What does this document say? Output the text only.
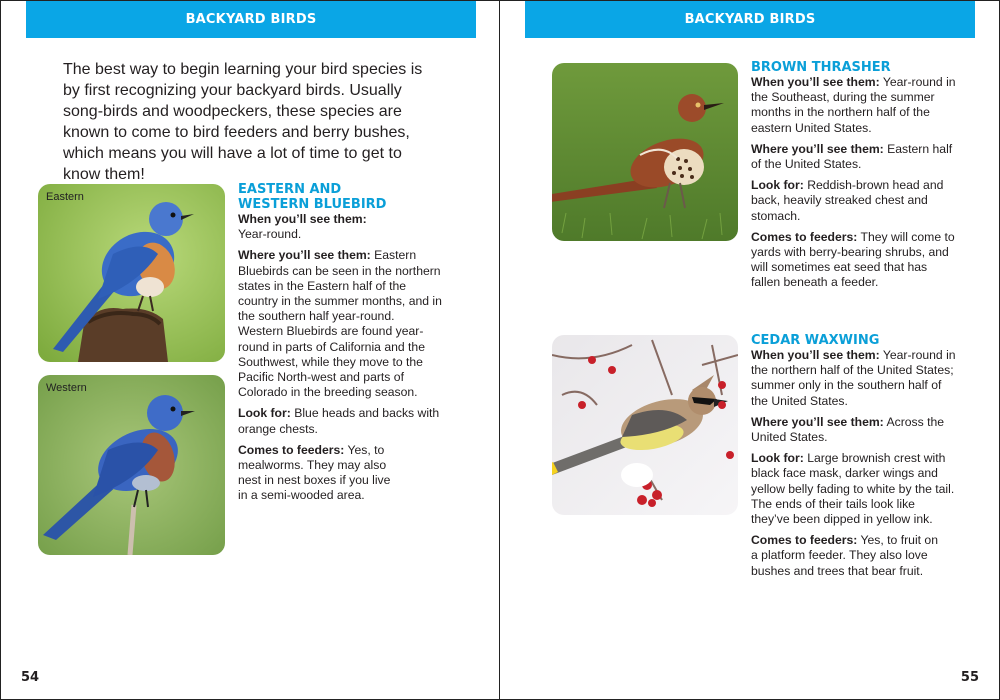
BACKYARD BIRDS
The best way to begin learning your bird species is by first recognizing your backyard birds. Usually song-birds and woodpeckers, these species are known to come to bird feeders and berry bushes, which means you will have a lot of time to get to know them!
Eastern
Western
EASTERN AND
WESTERN BLUEBIRD

When you’ll see them:
Year-round.

Where you’ll see them: Eastern Bluebirds can be seen in the northern states in the Eastern half of the country in the summer months, and in the southern half year-round. Western Bluebirds are found year-round in parts of California and the Southwest, while they move to the Pacific North-west and parts of Colorado in the breeding season.

Look for: Blue heads and backs with orange chests.

Comes to feeders: Yes, to mealworms. They may also nest in nest boxes if you live in a semi-wooded area.

54
BACKYARD BIRDS
BROWN THRASHER

When you’ll see them: Year-round in the Southeast, during the summer months in the northern half of the eastern United States.

Where you’ll see them: Eastern half of the United States.

Look for: Reddish-brown head and back, heavily streaked chest and stomach.

Comes to feeders: They will come to yards with berry-bearing shrubs, and will sometimes eat seed that has fallen beneath a feeder.

CEDAR WAXWING

When you’ll see them: Year-round in the northern half of the United States; summer only in the southern half of the United States.

Where you’ll see them: Across the United States.

Look for: Large brownish crest with black face mask, darker wings and yellow belly fading to white by the tail. The ends of their tails look like they’ve been dipped in yellow ink.

Comes to feeders: Yes, to fruit on a platform feeder. They also love bushes and trees that bear fruit.

55
